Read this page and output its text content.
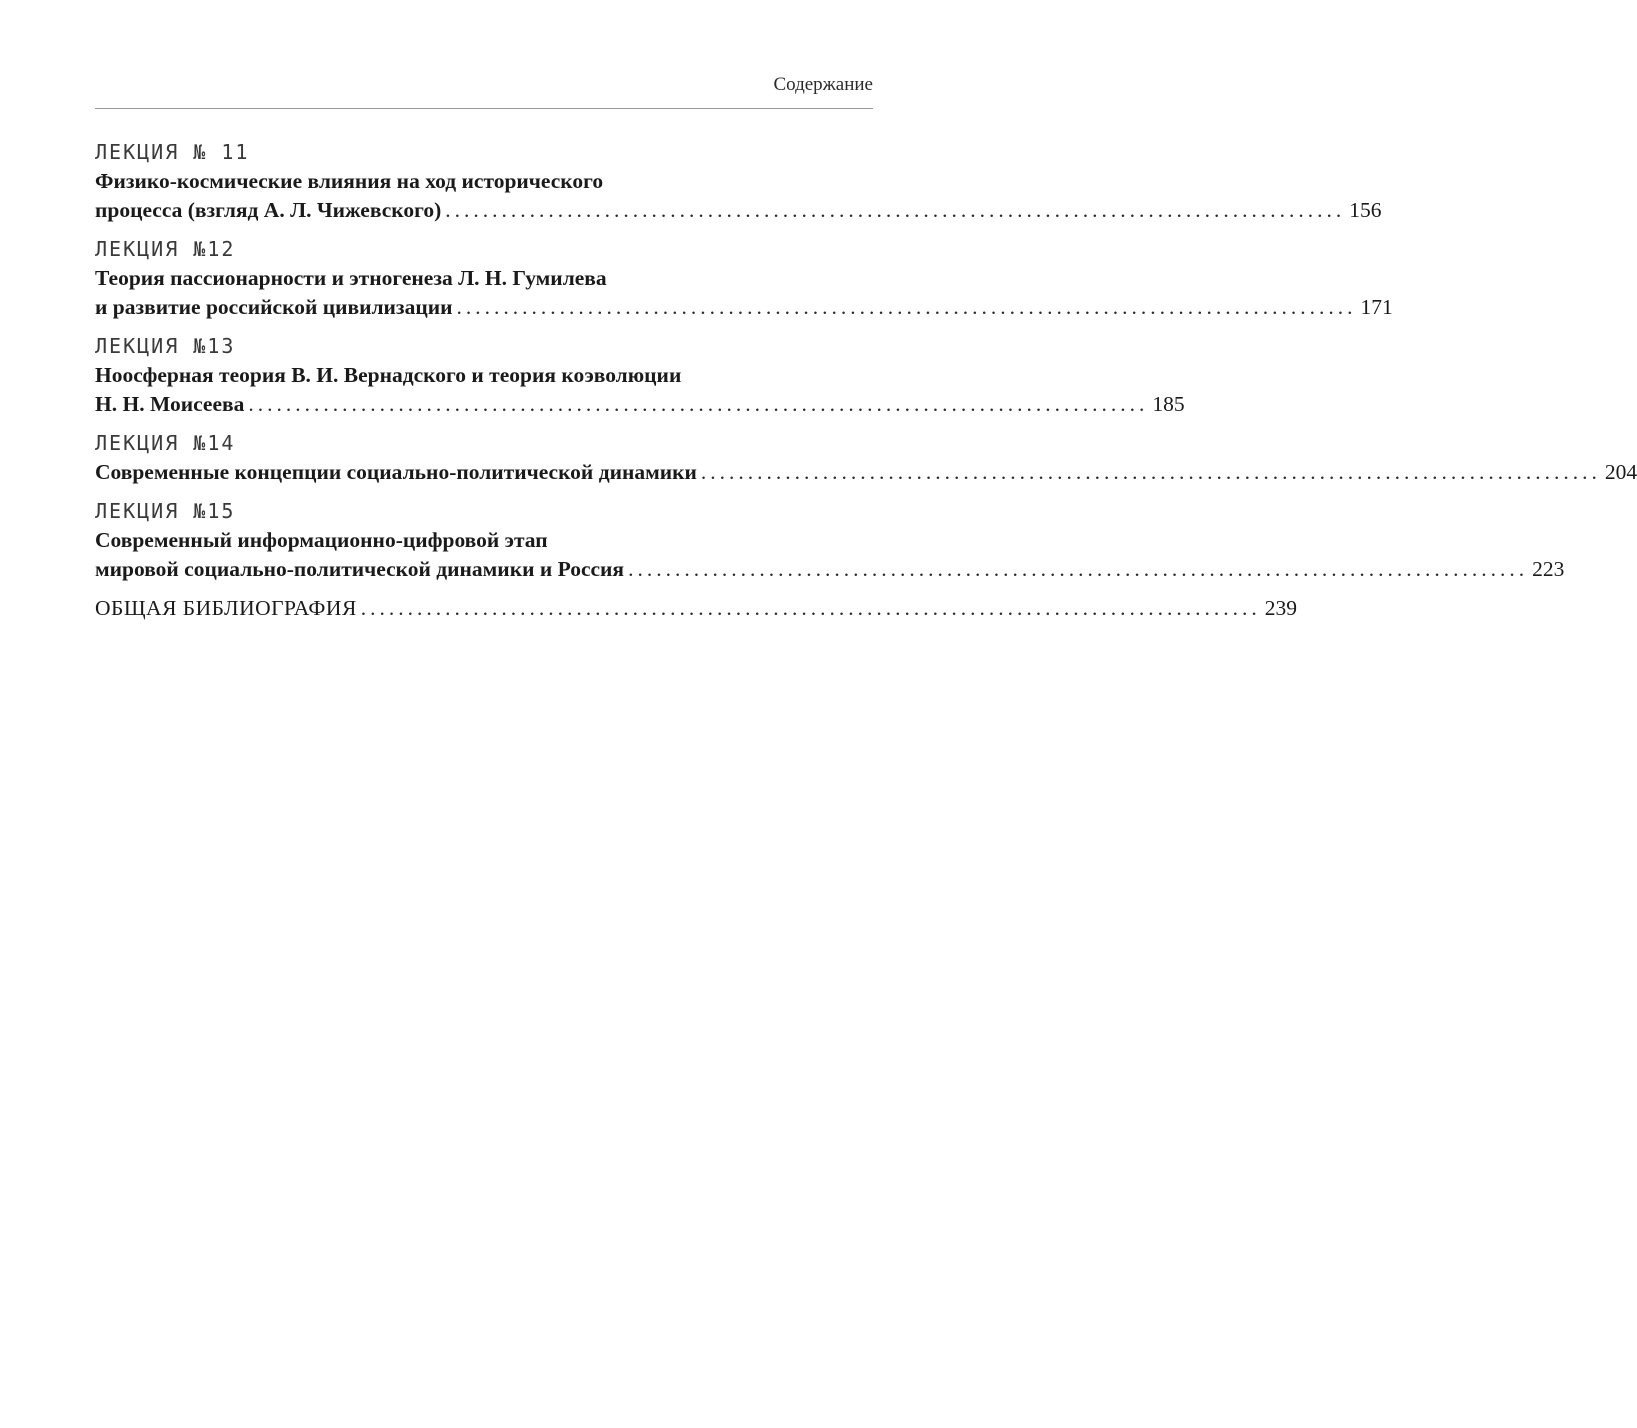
Содержание
ЛЕКЦИЯ № 11
Физико-космические влияния на ход исторического
процесса (взгляд А. Л. Чижевского) ................................................................................................ 156
ЛЕКЦИЯ №12
Теория пассионарности и этногенеза Л. Н. Гумилева
и развитие российской цивилизации ................................................................................................ 171
ЛЕКЦИЯ №13
Ноосферная теория В. И. Вернадского и теория коэволюции
Н. Н. Моисеева ................................................................................................ 185
ЛЕКЦИЯ №14
Современные концепции социально-политической динамики ................................................................................................ 204
ЛЕКЦИЯ №15
Современный информационно-цифровой этап
мировой социально-политической динамики и Россия ................................................................................................ 223
ОБЩАЯ БИБЛИОГРАФИЯ ................................................................................................ 239
